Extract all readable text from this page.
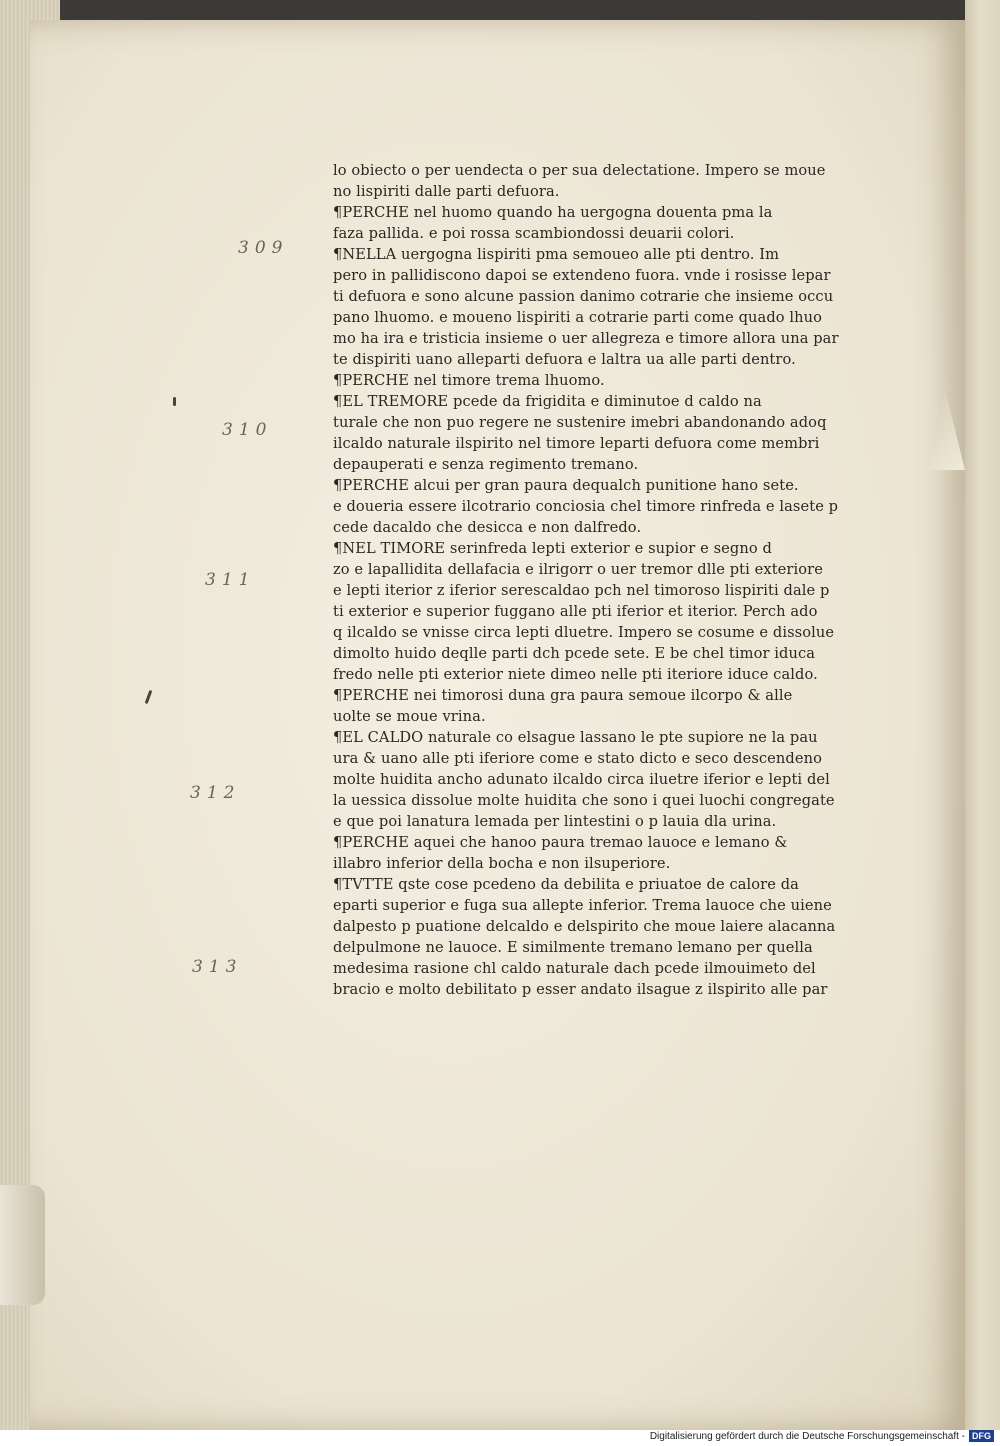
309
310
311
312
313
lo obiecto o per uendecta o per sua delectatione. Impero se moue
no lispiriti dalle parti defuora.
¶PERCHE nel huomo quando ha uergogna douenta pma la
faza pallida. e poi rossa scambiondossi deuarii colori.
¶NELLA uergogna lispiriti pma semoueo alle pti dentro. Im
pero in pallidiscono dapoi se extendeno fuora. vnde i rosisse lepar
ti defuora e sono alcune passion danimo cotrarie che insieme occu
pano lhuomo. e moueno lispiriti a cotrarie parti come quado lhuo
mo ha ira e tristicia insieme o uer allegreza e timore allora una par
te dispiriti uano alleparti defuora e laltra ua alle parti dentro.
¶PERCHE nel timore trema lhuomo.
¶EL TREMORE pcede da frigidita e diminutoe d caldo na
turale che non puo regere ne sustenire imebri abandonando adoq
ilcaldo naturale ilspirito nel timore leparti defuora come membri
depauperati e senza regimento tremano.
¶PERCHE alcui per gran paura dequalch punitione hano sete.
e doueria essere ilcotrario conciosia chel timore rinfreda e lasete p
cede dacaldo che desicca e non dalfredo.
¶NEL TIMORE serinfreda lepti exterior e supior e segno d
zo e lapallidita dellafacia e ilrigorr o uer tremor dlle pti exteriore
e lepti iterior z iferior serescaldao pch nel timoroso lispiriti dale p
ti exterior e superior fuggano alle pti iferior et iterior. Perch ado
q ilcaldo se vnisse circa lepti dluetre. Impero se cosume e dissolue
dimolto huido deqlle parti dch pcede sete. E be chel timor iduca
fredo nelle pti exterior niete dimeo nelle pti iteriore iduce caldo.
¶PERCHE nei timorosi duna gra paura semoue ilcorpo & alle
uolte se moue vrina.
¶EL CALDO naturale co elsague lassano le pte supiore ne la pau
ura & uano alle pti iferiore come e stato dicto e seco descendeno
molte huidita ancho adunato ilcaldo circa iluetre iferior e lepti del
la uessica dissolue molte huidita che sono i quei luochi congregate
e que poi lanatura lemada per lintestini o p lauia dla urina.
¶PERCHE aquei che hanoo paura tremao lauoce e lemano &
illabro inferior della bocha e non ilsuperiore.
¶TVTTE qste cose pcedeno da debilita e priuatoe de calore da
eparti superior e fuga sua allepte inferior. Trema lauoce che uiene
dalpesto p puatione delcaldo e delspirito che moue laiere alacanna
delpulmone ne lauoce. E similmente tremano lemano per quella
medesima rasione chl caldo naturale dach pcede ilmouimeto del
bracio e molto debilitato p esser andato ilsague z ilspirito alle par
Digitalisierung gefördert durch die Deutsche Forschungsgemeinschaft - DFG
